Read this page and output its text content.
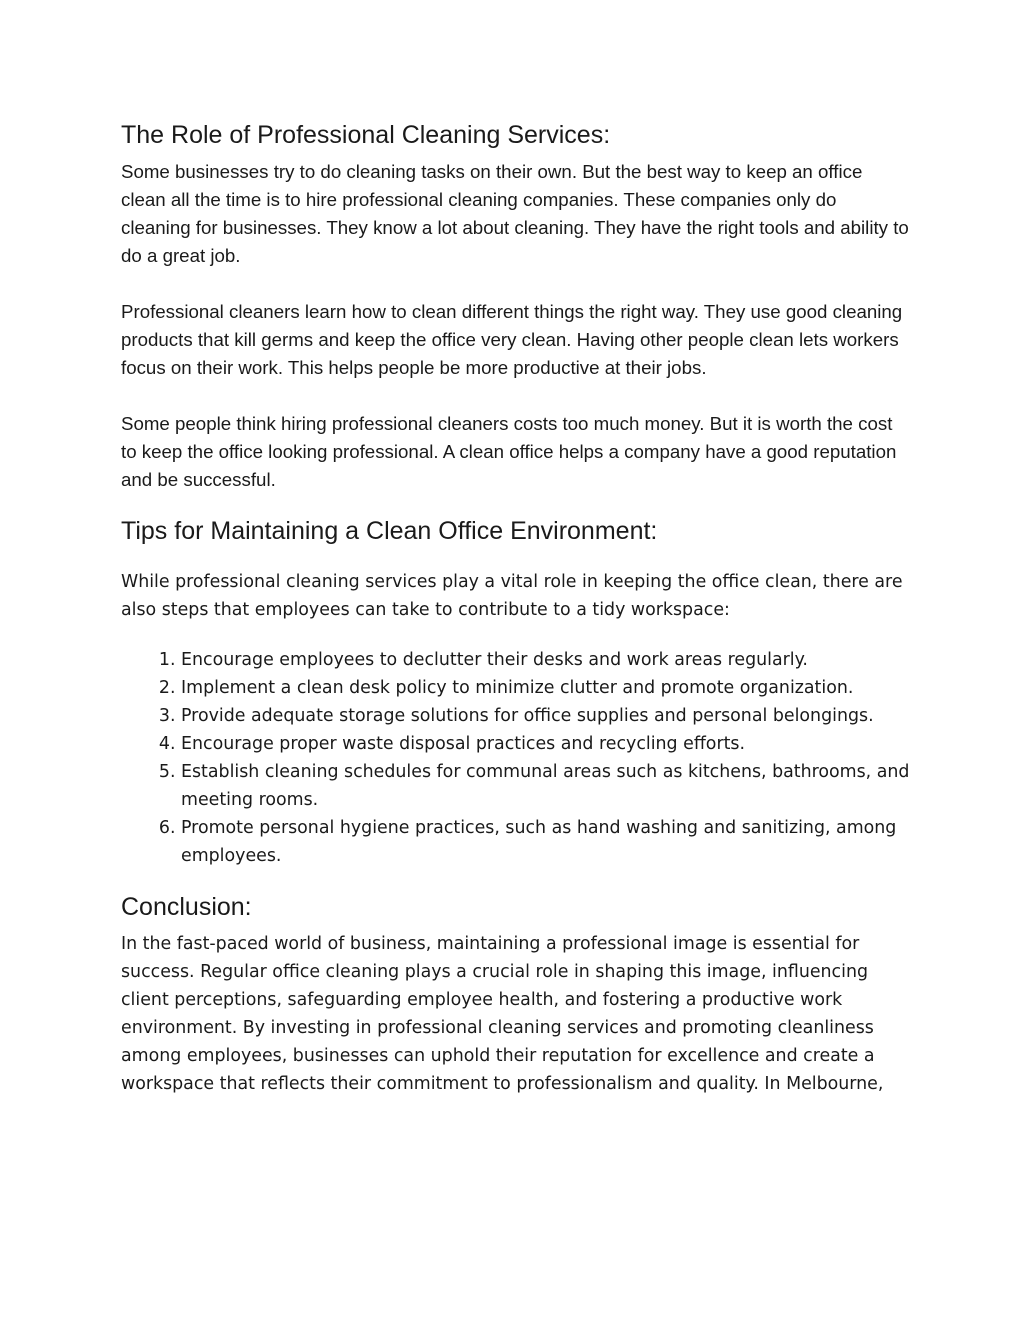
The Role of Professional Cleaning Services:

Some businesses try to do cleaning tasks on their own. But the best way to keep an office clean all the time is to hire professional cleaning companies. These companies only do cleaning for businesses. They know a lot about cleaning. They have the right tools and ability to do a great job.

Professional cleaners learn how to clean different things the right way. They use good cleaning products that kill germs and keep the office very clean. Having other people clean lets workers focus on their work. This helps people be more productive at their jobs.

Some people think hiring professional cleaners costs too much money. But it is worth the cost to keep the office looking professional. A clean office helps a company have a good reputation and be successful.

Tips for Maintaining a Clean Office Environment:

While professional cleaning services play a vital role in keeping the office clean, there are also steps that employees can take to contribute to a tidy workspace:

1. Encourage employees to declutter their desks and work areas regularly.
2. Implement a clean desk policy to minimize clutter and promote organization.
3. Provide adequate storage solutions for office supplies and personal belongings.
4. Encourage proper waste disposal practices and recycling efforts.
5. Establish cleaning schedules for communal areas such as kitchens, bathrooms, and meeting rooms.
6. Promote personal hygiene practices, such as hand washing and sanitizing, among employees.
Conclusion:

In the fast-paced world of business, maintaining a professional image is essential for success. Regular office cleaning plays a crucial role in shaping this image, influencing client perceptions, safeguarding employee health, and fostering a productive work environment. By investing in professional cleaning services and promoting cleanliness among employees, businesses can uphold their reputation for excellence and create a workspace that reflects their commitment to professionalism and quality. In Melbourne,
